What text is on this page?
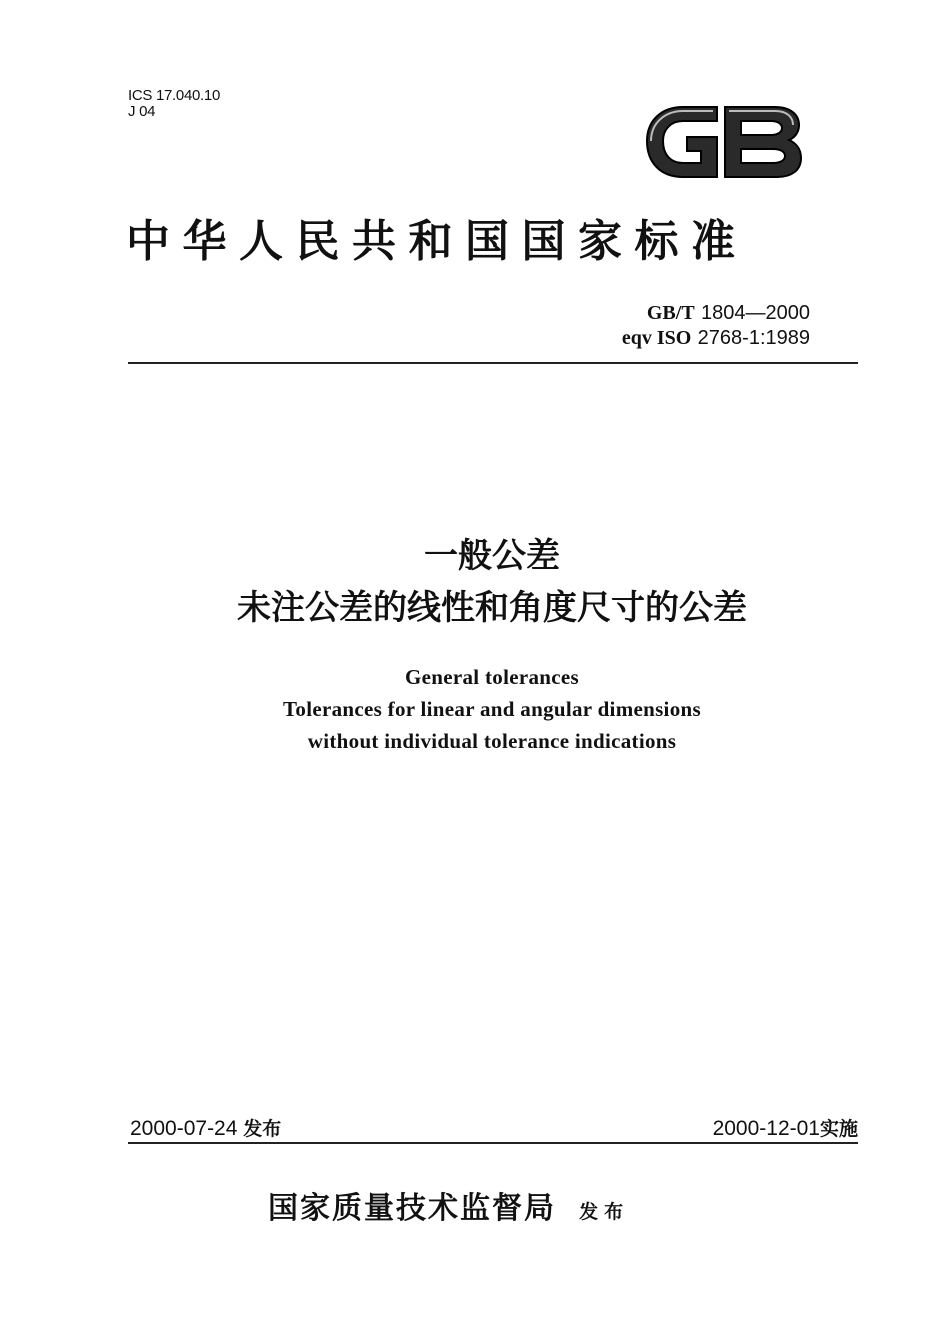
ICS 17.040.10
J 04
中华人民共和国国家标准
GB/T 1804—2000
eqv ISO 2768-1:1989
一般公差
未注公差的线性和角度尺寸的公差
General tolerances
Tolerances for linear and angular dimensions
without individual tolerance indications
2000-07-24 发布	2000-12-01实施
国家质量技术监督局 发布
